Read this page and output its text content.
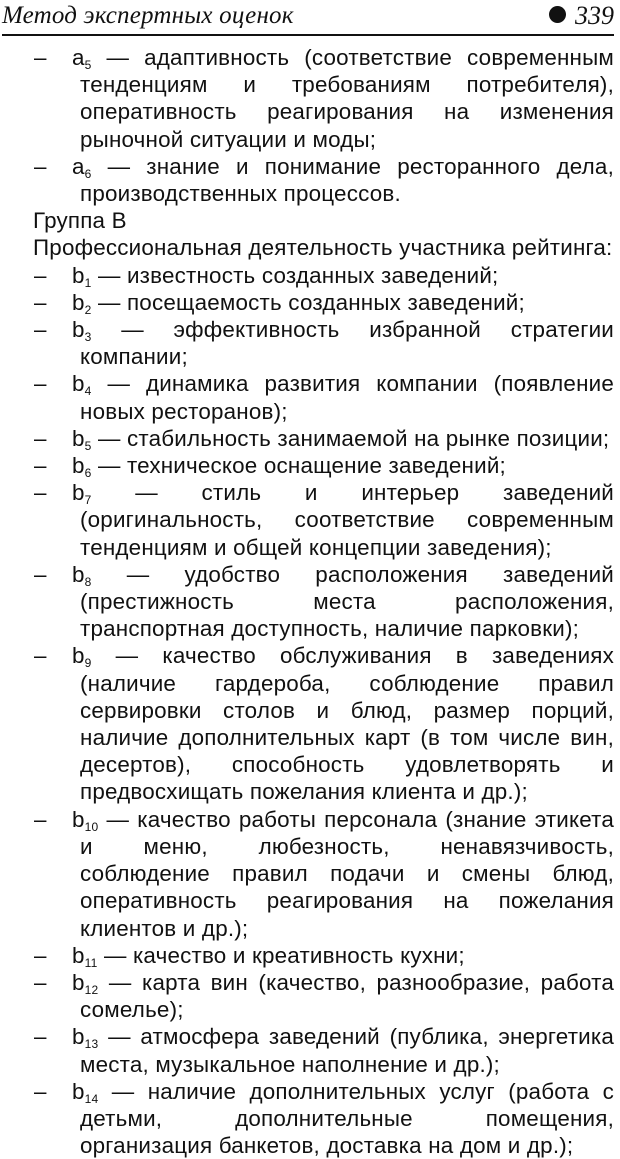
Метод экспертных оценок	339
– $a_5$ — адаптивность (соответствие современным тенденциям и требованиям потребителя), оперативность реагирования на изменения рыночной ситуации и моды;
– $a_6$ — знание и понимание ресторанного дела, производственных процессов.
Группа В
Профессиональная деятельность участника рейтинга:
– $b_1$ — известность созданных заведений;
– $b_2$ — посещаемость созданных заведений;
– $b_3$ — эффективность избранной стратегии компании;
– $b_4$ — динамика развития компании (появление новых ресторанов);
– $b_5$ — стабильность занимаемой на рынке позиции;
– $b_6$ — техническое оснащение заведений;
– $b_7$ — стиль и интерьер заведений (оригинальность, соответствие современным тенденциям и общей концепции заведения);
– $b_8$ — удобство расположения заведений (престижность места расположения, транспортная доступность, наличие парковки);
– $b_9$ — качество обслуживания в заведениях (наличие гардероба, соблюдение правил сервировки столов и блюд, размер порций, наличие дополнительных карт (в том числе вин, десертов), способность удовлетворять и предвосхищать пожелания клиента и др.);
– $b_{10}$ — качество работы персонала (знание этикета и меню, любезность, ненавязчивость, соблюдение правил подачи и смены блюд, оперативность реагирования на пожелания клиентов и др.);
– $b_{11}$ — качество и креативность кухни;
– $b_{12}$ — карта вин (качество, разнообразие, работа сомелье);
– $b_{13}$ — атмосфера заведений (публика, энергетика места, музыкальное наполнение и др.);
– $b_{14}$ — наличие дополнительных услуг (работа с детьми, дополнительные помещения, организация банкетов, доставка на дом и др.);
